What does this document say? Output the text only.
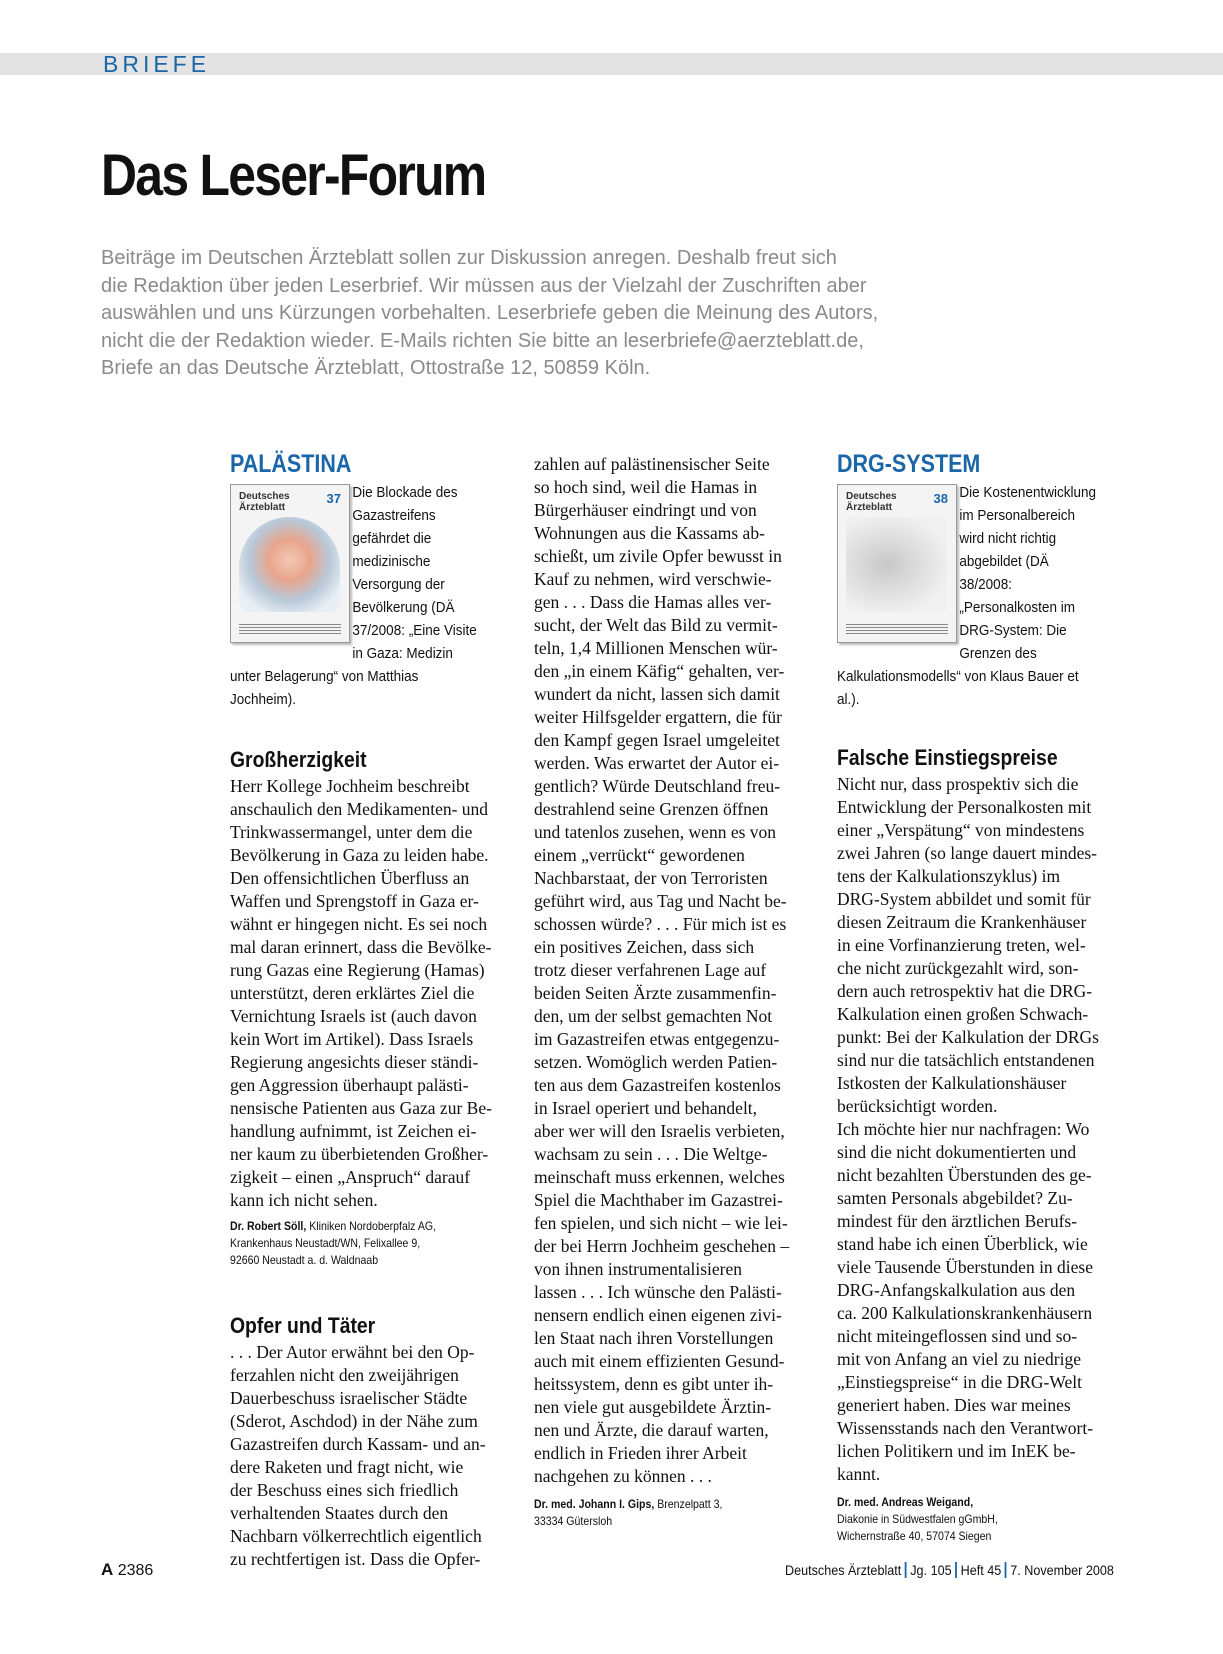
BRIEFE
Das Leser-Forum
Beiträge im Deutschen Ärzteblatt sollen zur Diskussion anregen. Deshalb freut sich
die Redaktion über jeden Leserbrief. Wir müssen aus der Vielzahl der Zuschriften aber
auswählen und uns Kürzungen vorbehalten. Leserbriefe geben die Meinung des Autors,
nicht die der Redaktion wieder. E-Mails richten Sie bitte an leserbriefe@aerzteblatt.de,
Briefe an das Deutsche Ärzteblatt, Ottostraße 12, 50859 Köln.
PALÄSTINA
Deutsches Ärzteblatt
37 Die Blockade des Gazastreifens gefährdet die medizinische Versorgung der Bevölkerung (DÄ 37/2008: „Eine Visite in Gaza: Medizin unter Belagerung“ von Matthias Jochheim).
Großherzigkeit
Herr Kollege Jochheim beschreibt
anschaulich den Medikamenten- und
Trinkwassermangel, unter dem die
Bevölkerung in Gaza zu leiden habe.
Den offensichtlichen Überfluss an
Waffen und Sprengstoff in Gaza er-
wähnt er hingegen nicht. Es sei noch
mal daran erinnert, dass die Bevölke-
rung Gazas eine Regierung (Hamas)
unterstützt, deren erklärtes Ziel die
Vernichtung Israels ist (auch davon
kein Wort im Artikel). Dass Israels
Regierung angesichts dieser ständi-
gen Aggression überhaupt palästi-
nensische Patienten aus Gaza zur Be-
handlung aufnimmt, ist Zeichen ei-
ner kaum zu überbietenden Großher-
zigkeit – einen „Anspruch“ darauf
kann ich nicht sehen.
Dr. Robert Söll, Kliniken Nordoberpfalz AG,
Krankenhaus Neustadt/WN, Felixallee 9,
92660 Neustadt a. d. Waldnaab
Opfer und Täter
. . . Der Autor erwähnt bei den Op-
ferzahlen nicht den zweijährigen
Dauerbeschuss israelischer Städte
(Sderot, Aschdod) in der Nähe zum
Gazastreifen durch Kassam- und an-
dere Raketen und fragt nicht, wie
der Beschuss eines sich friedlich
verhaltenden Staates durch den
Nachbarn völkerrechtlich eigentlich
zu rechtfertigen ist. Dass die Opfer-
zahlen auf palästinensischer Seite
so hoch sind, weil die Hamas in
Bürgerhäuser eindringt und von
Wohnungen aus die Kassams ab-
schießt, um zivile Opfer bewusst in
Kauf zu nehmen, wird verschwie-
gen . . . Dass die Hamas alles ver-
sucht, der Welt das Bild zu vermit-
teln, 1,4 Millionen Menschen wür-
den „in einem Käfig“ gehalten, ver-
wundert da nicht, lassen sich damit
weiter Hilfsgelder ergattern, die für
den Kampf gegen Israel umgeleitet
werden. Was erwartet der Autor ei-
gentlich? Würde Deutschland freu-
destrahlend seine Grenzen öffnen
und tatenlos zusehen, wenn es von
einem „verrückt“ gewordenen
Nachbarstaat, der von Terroristen
geführt wird, aus Tag und Nacht be-
schossen würde? . . . Für mich ist es
ein positives Zeichen, dass sich
trotz dieser verfahrenen Lage auf
beiden Seiten Ärzte zusammenfin-
den, um der selbst gemachten Not
im Gazastreifen etwas entgegenzu-
setzen. Womöglich werden Patien-
ten aus dem Gazastreifen kostenlos
in Israel operiert und behandelt,
aber wer will den Israelis verbieten,
wachsam zu sein . . . Die Weltge-
meinschaft muss erkennen, welches
Spiel die Machthaber im Gazastrei-
fen spielen, und sich nicht – wie lei-
der bei Herrn Jochheim geschehen –
von ihnen instrumentalisieren
lassen . . . Ich wünsche den Palästi-
nensern endlich einen eigenen zivi-
len Staat nach ihren Vorstellungen
auch mit einem effizienten Gesund-
heitssystem, denn es gibt unter ih-
nen viele gut ausgebildete Ärztin-
nen und Ärzte, die darauf warten,
endlich in Frieden ihrer Arbeit
nachgehen zu können . . .
Dr. med. Johann I. Gips, Brenzelpatt 3,
33334 Gütersloh
DRG-SYSTEM
Deutsches Ärzteblatt
38 Die Kostenentwicklung im Personalbereich wird nicht richtig abgebildet (DÄ 38/2008: „Personalkosten im DRG-System: Die Grenzen des Kalkulationsmodells“ von Klaus Bauer et al.).
Falsche Einstiegspreise
Nicht nur, dass prospektiv sich die
Entwicklung der Personalkosten mit
einer „Verspätung“ von mindestens
zwei Jahren (so lange dauert mindes-
tens der Kalkulationszyklus) im
DRG-System abbildet und somit für
diesen Zeitraum die Krankenhäuser
in eine Vorfinanzierung treten, wel-
che nicht zurückgezahlt wird, son-
dern auch retrospektiv hat die DRG-
Kalkulation einen großen Schwach-
punkt: Bei der Kalkulation der DRGs
sind nur die tatsächlich entstandenen
Istkosten der Kalkulationshäuser
berücksichtigt worden.
Ich möchte hier nur nachfragen: Wo
sind die nicht dokumentierten und
nicht bezahlten Überstunden des ge-
samten Personals abgebildet? Zu-
mindest für den ärztlichen Berufs-
stand habe ich einen Überblick, wie
viele Tausende Überstunden in diese
DRG-Anfangskalkulation aus den
ca. 200 Kalkulationskrankenhäusern
nicht miteingeflossen sind und so-
mit von Anfang an viel zu niedrige
„Einstiegspreise“ in die DRG-Welt
generiert haben. Dies war meines
Wissensstands nach den Verantwort-
lichen Politikern und im InEK be-
kannt.
Dr. med. Andreas Weigand,
Diakonie in Südwestfalen gGmbH,
Wichernstraße 40, 57074 Siegen
A 2386	Deutsches Ärzteblatt Jg. 105 Heft 45 7. November 2008
